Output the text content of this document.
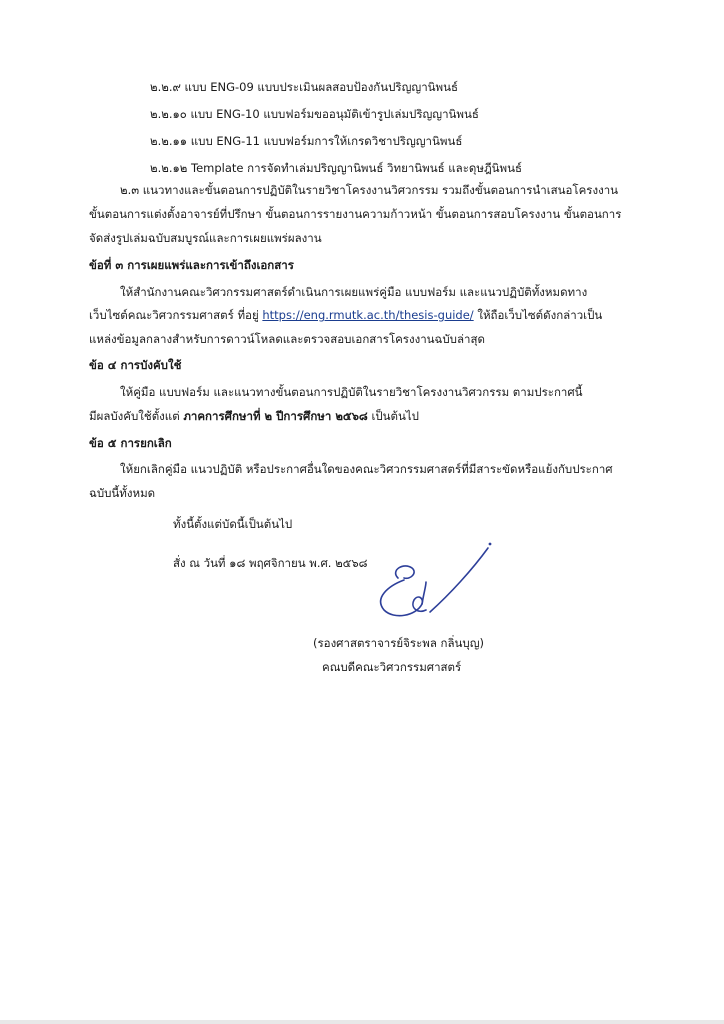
๒.๒.๙ แบบ ENG-09 แบบประเมินผลสอบป้องกันปริญญานิพนธ์
๒.๒.๑๐ แบบ ENG-10 แบบฟอร์มขออนุมัติเข้ารูปเล่มปริญญานิพนธ์
๒.๒.๑๑ แบบ ENG-11 แบบฟอร์มการให้เกรดวิชาปริญญานิพนธ์
๒.๒.๑๒ Template การจัดทำเล่มปริญญานิพนธ์ วิทยานิพนธ์ และดุษฎีนิพนธ์
๒.๓ แนวทางและขั้นตอนการปฏิบัติในรายวิชาโครงงานวิศวกรรม รวมถึงขั้นตอนการนำเสนอโครงงาน
ขั้นตอนการแต่งตั้งอาจารย์ที่ปรึกษา ขั้นตอนการรายงานความก้าวหน้า ขั้นตอนการสอบโครงงาน ขั้นตอนการ
จัดส่งรูปเล่มฉบับสมบูรณ์และการเผยแพร่ผลงาน
ข้อที่ ๓ การเผยแพร่และการเข้าถึงเอกสาร
ให้สำนักงานคณะวิศวกรรมศาสตร์ดำเนินการเผยแพร่คู่มือ แบบฟอร์ม และแนวปฏิบัติทั้งหมดทาง
เว็บไซต์คณะวิศวกรรมศาสตร์ ที่อยู่ https://eng.rmutk.ac.th/thesis-guide/ ให้ถือเว็บไซต์ดังกล่าวเป็น
แหล่งข้อมูลกลางสำหรับการดาวน์โหลดและตรวจสอบเอกสารโครงงานฉบับล่าสุด
ข้อ ๔ การบังคับใช้
ให้คู่มือ แบบฟอร์ม และแนวทางขั้นตอนการปฏิบัติในรายวิชาโครงงานวิศวกรรม ตามประกาศนี้
มีผลบังคับใช้ตั้งแต่ ภาคการศึกษาที่ ๒ ปีการศึกษา ๒๕๖๘ เป็นต้นไป
ข้อ ๕ การยกเลิก
ให้ยกเลิกคู่มือ แนวปฏิบัติ หรือประกาศอื่นใดของคณะวิศวกรรมศาสตร์ที่มีสาระขัดหรือแย้งกับประกาศ
ฉบับนี้ทั้งหมด
ทั้งนี้ตั้งแต่บัดนี้เป็นต้นไป
สั่ง ณ วันที่ ๑๘ พฤศจิกายน พ.ศ. ๒๕๖๘
(รองศาสตราจารย์จิระพล กลิ่นบุญ)
คณบดีคณะวิศวกรรมศาสตร์
